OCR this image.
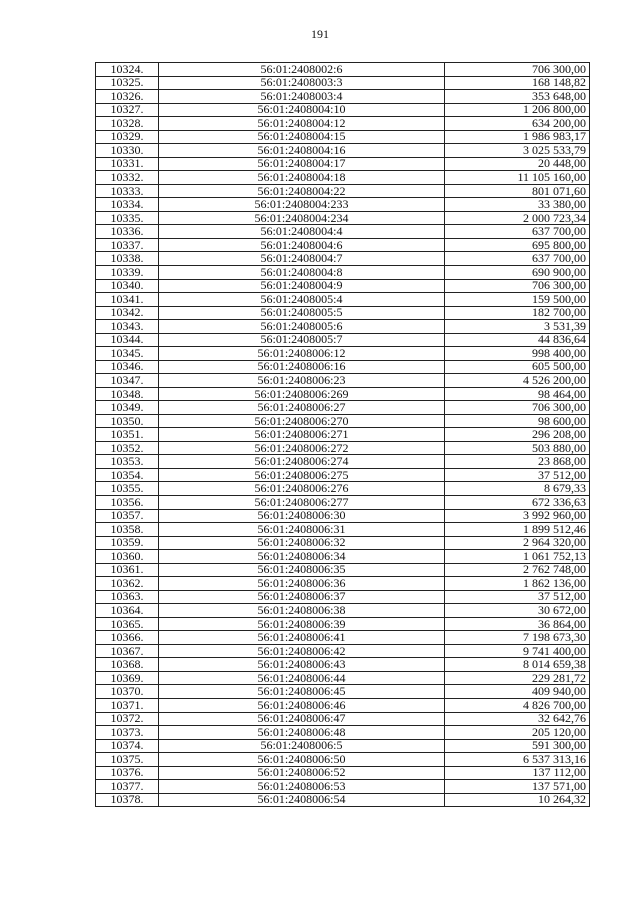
191
10324.	56:01:2408002:6	706 300,00
10325.	56:01:2408003:3	168 148,82
10326.	56:01:2408003:4	353 648,00
10327.	56:01:2408004:10	1 206 800,00
10328.	56:01:2408004:12	634 200,00
10329.	56:01:2408004:15	1 986 983,17
10330.	56:01:2408004:16	3 025 533,79
10331.	56:01:2408004:17	20 448,00
10332.	56:01:2408004:18	11 105 160,00
10333.	56:01:2408004:22	801 071,60
10334.	56:01:2408004:233	33 380,00
10335.	56:01:2408004:234	2 000 723,34
10336.	56:01:2408004:4	637 700,00
10337.	56:01:2408004:6	695 800,00
10338.	56:01:2408004:7	637 700,00
10339.	56:01:2408004:8	690 900,00
10340.	56:01:2408004:9	706 300,00
10341.	56:01:2408005:4	159 500,00
10342.	56:01:2408005:5	182 700,00
10343.	56:01:2408005:6	3 531,39
10344.	56:01:2408005:7	44 836,64
10345.	56:01:2408006:12	998 400,00
10346.	56:01:2408006:16	605 500,00
10347.	56:01:2408006:23	4 526 200,00
10348.	56:01:2408006:269	98 464,00
10349.	56:01:2408006:27	706 300,00
10350.	56:01:2408006:270	98 600,00
10351.	56:01:2408006:271	296 208,00
10352.	56:01:2408006:272	503 880,00
10353.	56:01:2408006:274	23 868,00
10354.	56:01:2408006:275	37 512,00
10355.	56:01:2408006:276	8 679,33
10356.	56:01:2408006:277	672 336,63
10357.	56:01:2408006:30	3 992 960,00
10358.	56:01:2408006:31	1 899 512,46
10359.	56:01:2408006:32	2 964 320,00
10360.	56:01:2408006:34	1 061 752,13
10361.	56:01:2408006:35	2 762 748,00
10362.	56:01:2408006:36	1 862 136,00
10363.	56:01:2408006:37	37 512,00
10364.	56:01:2408006:38	30 672,00
10365.	56:01:2408006:39	36 864,00
10366.	56:01:2408006:41	7 198 673,30
10367.	56:01:2408006:42	9 741 400,00
10368.	56:01:2408006:43	8 014 659,38
10369.	56:01:2408006:44	229 281,72
10370.	56:01:2408006:45	409 940,00
10371.	56:01:2408006:46	4 826 700,00
10372.	56:01:2408006:47	32 642,76
10373.	56:01:2408006:48	205 120,00
10374.	56:01:2408006:5	591 300,00
10375.	56:01:2408006:50	6 537 313,16
10376.	56:01:2408006:52	137 112,00
10377.	56:01:2408006:53	137 571,00
10378.	56:01:2408006:54	10 264,32
